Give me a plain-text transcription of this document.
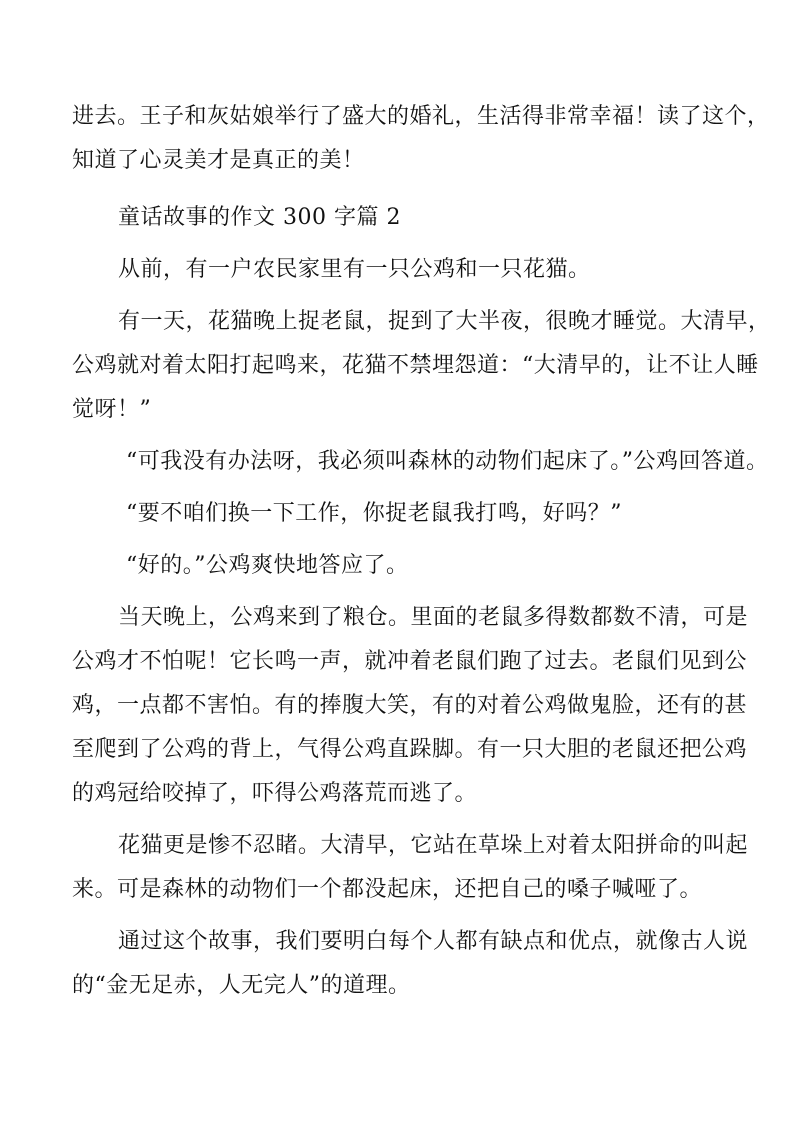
进去。王子和灰姑娘举行了盛大的婚礼，生活得非常幸福！读了这个，
知道了心灵美才是真正的美！
童话故事的作文 300 字篇 2
从前，有一户农民家里有一只公鸡和一只花猫。
有一天，花猫晚上捉老鼠，捉到了大半夜，很晚才睡觉。大清早，
公鸡就对着太阳打起鸣来，花猫不禁埋怨道：“大清早的，让不让人睡
觉呀！”
“可我没有办法呀，我必须叫森林的动物们起床了。”公鸡回答道。
“要不咱们换一下工作，你捉老鼠我打鸣，好吗？”
“好的。”公鸡爽快地答应了。
当天晚上，公鸡来到了粮仓。里面的老鼠多得数都数不清，可是
公鸡才不怕呢！它长鸣一声，就冲着老鼠们跑了过去。老鼠们见到公
鸡，一点都不害怕。有的捧腹大笑，有的对着公鸡做鬼脸，还有的甚
至爬到了公鸡的背上，气得公鸡直跺脚。有一只大胆的老鼠还把公鸡
的鸡冠给咬掉了，吓得公鸡落荒而逃了。
花猫更是惨不忍睹。大清早，它站在草垛上对着太阳拼命的叫起
来。可是森林的动物们一个都没起床，还把自己的嗓子喊哑了。
通过这个故事，我们要明白每个人都有缺点和优点，就像古人说
的“金无足赤，人无完人”的道理。
